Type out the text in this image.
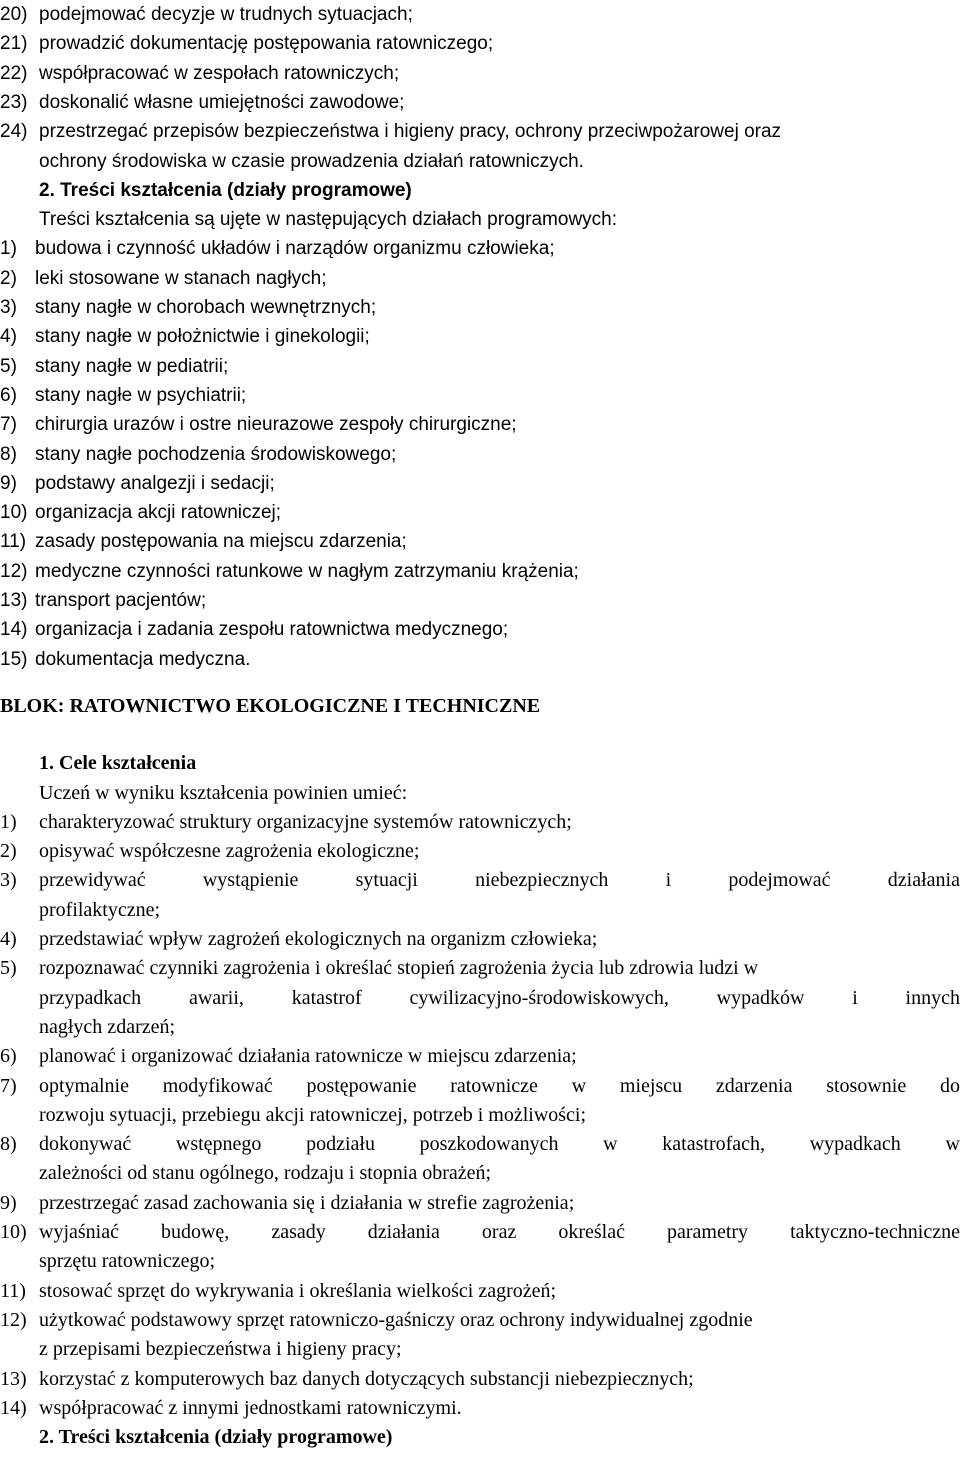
20) podejmować decyzje w trudnych sytuacjach;
21) prowadzić dokumentację postępowania ratowniczego;
22) współpracować w zespołach ratowniczych;
23) doskonalić własne umiejętności zawodowe;
24) przestrzegać przepisów bezpieczeństwa i higieny pracy, ochrony przeciwpożarowej oraz
ochrony środowiska w czasie prowadzenia działań ratowniczych.
2. Treści kształcenia (działy programowe)
Treści kształcenia są ujęte w następujących działach programowych:
1) budowa i czynność układów i narządów organizmu człowieka;
2) leki stosowane w stanach nagłych;
3) stany nagłe w chorobach wewnętrznych;
4) stany nagłe w położnictwie i ginekologii;
5) stany nagłe w pediatrii;
6) stany nagłe w psychiatrii;
7) chirurgia urazów i ostre nieurazowe zespoły chirurgiczne;
8) stany nagłe pochodzenia środowiskowego;
9) podstawy analgezji i sedacji;
10) organizacja akcji ratowniczej;
11) zasady postępowania na miejscu zdarzenia;
12) medyczne czynności ratunkowe w nagłym zatrzymaniu krążenia;
13) transport pacjentów;
14) organizacja i zadania zespołu ratownictwa medycznego;
15) dokumentacja medyczna.
BLOK: RATOWNICTWO EKOLOGICZNE I TECHNICZNE
1. Cele kształcenia
Uczeń w wyniku kształcenia powinien umieć:
1) charakteryzować struktury organizacyjne systemów ratowniczych;
2) opisywać współczesne zagrożenia ekologiczne;
3) przewidywać	wystąpienie	sytuacji	niebezpiecznych	i	podejmować	działania
profilaktyczne;
4) przedstawiać wpływ zagrożeń ekologicznych na organizm człowieka;
5) rozpoznawać czynniki zagrożenia i określać stopień zagrożenia życia lub zdrowia ludzi w
przypadkach awarii, katastrof cywilizacyjno-środowiskowych, wypadków i innych
nagłych zdarzeń;
6) planować i organizować działania ratownicze w miejscu zdarzenia;
7) optymalnie modyfikować postępowanie ratownicze w miejscu zdarzenia stosownie do
rozwoju sytuacji, przebiegu akcji ratowniczej, potrzeb i możliwości;
8) dokonywać wstępnego podziału poszkodowanych w katastrofach, wypadkach w
zależności od stanu ogólnego, rodzaju i stopnia obrażeń;
9) przestrzegać zasad zachowania się i działania w strefie zagrożenia;
10) wyjaśniać budowę, zasady działania oraz określać parametry taktyczno-techniczne
sprzętu ratowniczego;
11) stosować sprzęt do wykrywania i określania wielkości zagrożeń;
12) użytkować podstawowy sprzęt ratowniczo-gaśniczy oraz ochrony indywidualnej zgodnie
z przepisami bezpieczeństwa i higieny pracy;
13) korzystać z komputerowych baz danych dotyczących substancji niebezpiecznych;
14) współpracować z innymi jednostkami ratowniczymi.
2. Treści kształcenia (działy programowe)
